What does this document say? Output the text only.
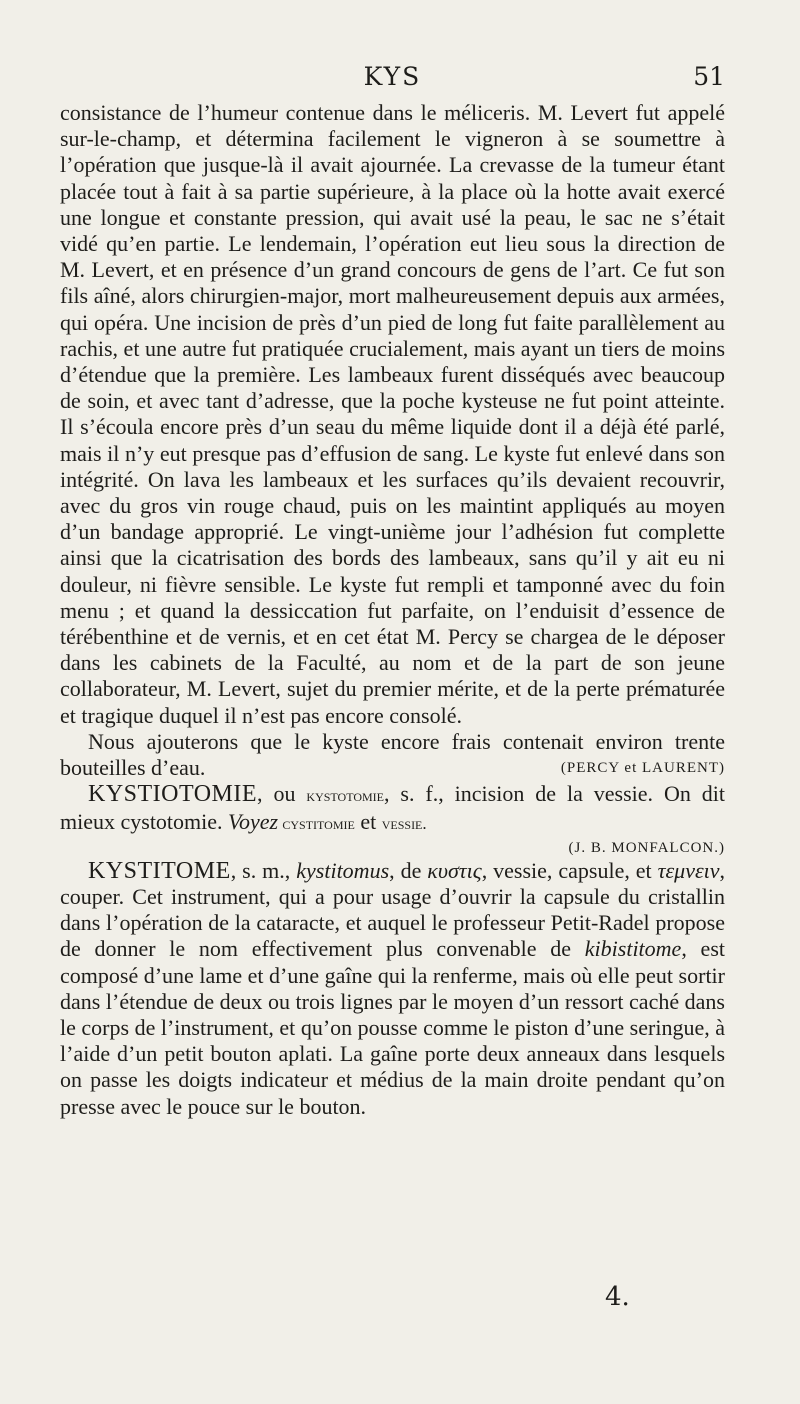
KYS	51

consistance de l’humeur contenue dans le méliceris. M. Levert fut appelé sur-le-champ, et détermina facilement le vigneron à se soumettre à l’opération que jusque-là il avait ajournée. La crevasse de la tumeur étant placée tout à fait à sa partie supérieure, à la place où la hotte avait exercé une longue et constante pression, qui avait usé la peau, le sac ne s’était vidé qu’en partie. Le lendemain, l’opération eut lieu sous la direction de M. Levert, et en présence d’un grand concours de gens de l’art. Ce fut son fils aîné, alors chirurgien-major, mort malheureusement depuis aux armées, qui opéra. Une incision de près d’un pied de long fut faite parallèlement au rachis, et une autre fut pratiquée crucialement, mais ayant un tiers de moins d’étendue que la première. Les lambeaux furent disséqués avec beaucoup de soin, et avec tant d’adresse, que la poche kysteuse ne fut point atteinte. Il s’écoula encore près d’un seau du même liquide dont il a déjà été parlé, mais il n’y eut presque pas d’effusion de sang. Le kyste fut enlevé dans son intégrité. On lava les lambeaux et les surfaces qu’ils devaient recouvrir, avec du gros vin rouge chaud, puis on les maintint appliqués au moyen d’un bandage approprié. Le vingt-unième jour l’adhésion fut complette ainsi que la cicatrisation des bords des lambeaux, sans qu’il y ait eu ni douleur, ni fièvre sensible. Le kyste fut rempli et tamponné avec du foin menu ; et quand la dessiccation fut parfaite, on l’enduisit d’essence de térébenthine et de vernis, et en cet état M. Percy se chargea de le déposer dans les cabinets de la Faculté, au nom et de la part de son jeune collaborateur, M. Levert, sujet du premier mérite, et de la perte prématurée et tragique duquel il n’est pas encore consolé.

Nous ajouterons que le kyste encore frais contenait environ trente bouteilles d’eau.	(PERCY et LAURENT)

KYSTIOTOMIE, ou kystotomie, s. f., incision de la vessie. On dit mieux cystotomie. Voyez cystitomie et vessie.

(J. B. MONFALCON.)

KYSTITOME, s. m., kystitomus, de κυστις, vessie, capsule, et τεμνειν, couper. Cet instrument, qui a pour usage d’ouvrir la capsule du cristallin dans l’opération de la cataracte, et auquel le professeur Petit-Radel propose de donner le nom effectivement plus convenable de kibistitome, est composé d’une lame et d’une gaîne qui la renferme, mais où elle peut sortir dans l’étendue de deux ou trois lignes par le moyen d’un ressort caché dans le corps de l’instrument, et qu’on pousse comme le piston d’une seringue, à l’aide d’un petit bouton aplati. La gaîne porte deux anneaux dans lesquels on passe les doigts indicateur et médius de la main droite pendant qu’on presse avec le pouce sur le bouton.

4.
